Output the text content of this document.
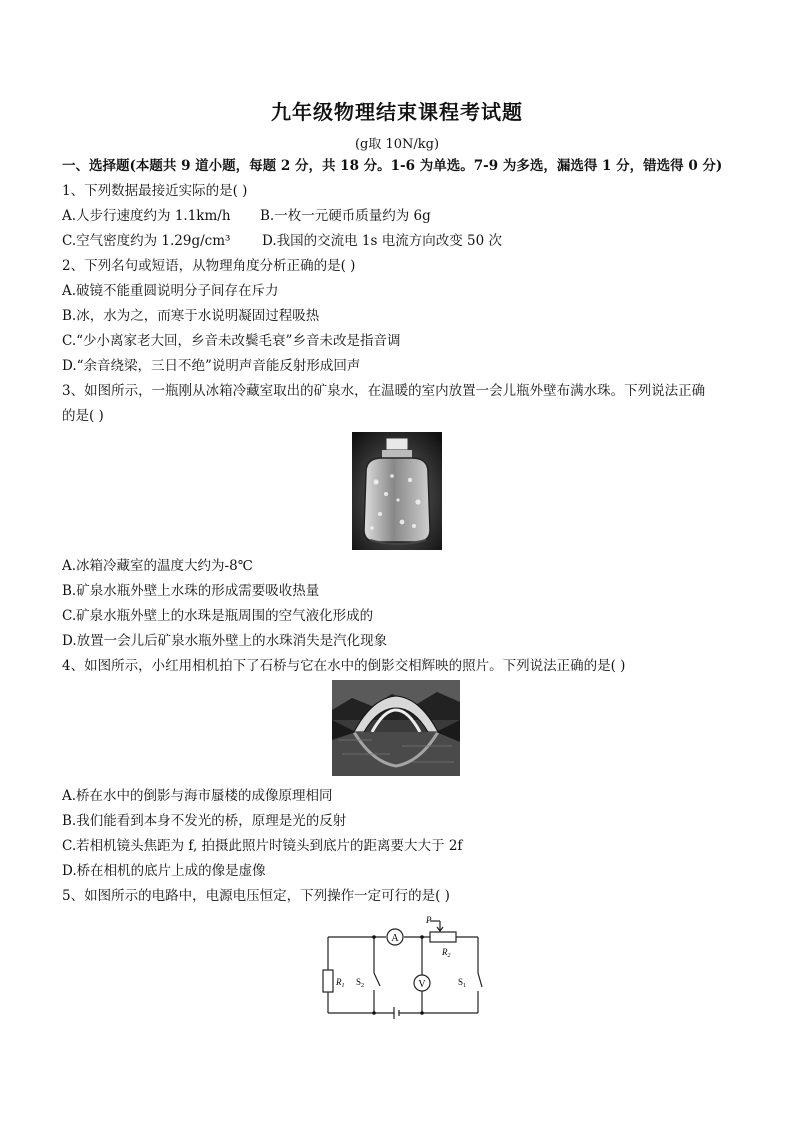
九年级物理结束课程考试题
(g取 10N/kg)
一、选择题(本题共 9 道小题，每题 2 分，共 18 分。1-6 为单选。7-9 为多选，漏选得 1 分，错选得 0 分)
1、下列数据最接近实际的是( )
A.人步行速度约为 1.1km/h B.一枚一元硬币质量约为 6g
C.空气密度约为 1.29g/cm³ D.我国的交流电 1s 电流方向改变 50 次
2、下列名句或短语，从物理角度分析正确的是( )
A.破镜不能重圆说明分子间存在斥力
B.冰，水为之，而寒于水说明凝固过程吸热
C.“少小离家老大回，乡音未改鬓毛衰”乡音未改是指音调
D.“余音绕梁，三日不绝”说明声音能反射形成回声
3、如图所示，一瓶刚从冰箱冷藏室取出的矿泉水，在温暖的室内放置一会儿瓶外壁布满水珠。下列说法正确
的是( )
A.冰箱冷藏室的温度大约为-8℃
B.矿泉水瓶外壁上水珠的形成需要吸收热量
C.矿泉水瓶外壁上的水珠是瓶周围的空气液化形成的
D.放置一会儿后矿泉水瓶外壁上的水珠消失是汽化现象
4、如图所示，小红用相机拍下了石桥与它在水中的倒影交相辉映的照片。下列说法正确的是( )
A.桥在水中的倒影与海市蜃楼的成像原理相同
B.我们能看到本身不发光的桥，原理是光的反射
C.若相机镜头焦距为 f, 拍摄此照片时镜头到底片的距离要大大于 2f
D.桥在相机的底片上成的像是虚像
5、如图所示的电路中，电源电压恒定，下列操作一定可行的是( )
A
V
P
$R_2$
$R_1$ $S_2$	$S_1$
